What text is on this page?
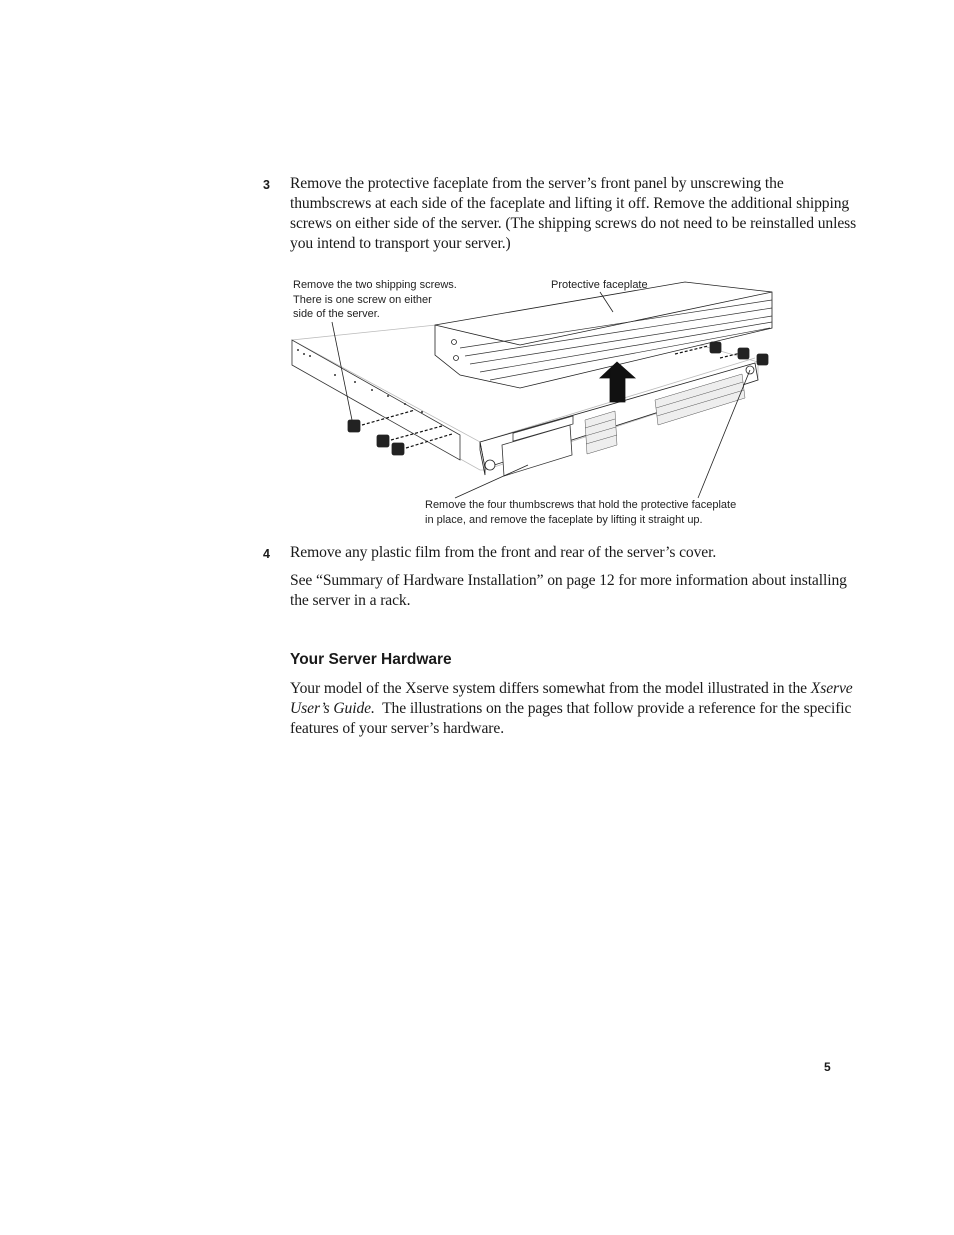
3 Remove the protective faceplate from the server’s front panel by unscrewing the
thumbscrews at each side of the faceplate and lifting it off. Remove the additional shipping
screws on either side of the server. (The shipping screws do not need to be reinstalled unless
you intend to transport your server.)
Remove the two shipping screws.
There is one screw on either
side of the server.
Protective faceplate
Remove the four thumbscrews that hold the protective faceplate
in place, and remove the faceplate by lifting it straight up.
4 Remove any plastic film from the front and rear of the server’s cover.
See “Summary of Hardware Installation” on page 12 for more information about installing
the server in a rack.
Your Server Hardware
Your model of the Xserve system differs somewhat from the model illustrated in the Xserve
User’s Guide.  The illustrations on the pages that follow provide a reference for the specific
features of your server’s hardware.
5
